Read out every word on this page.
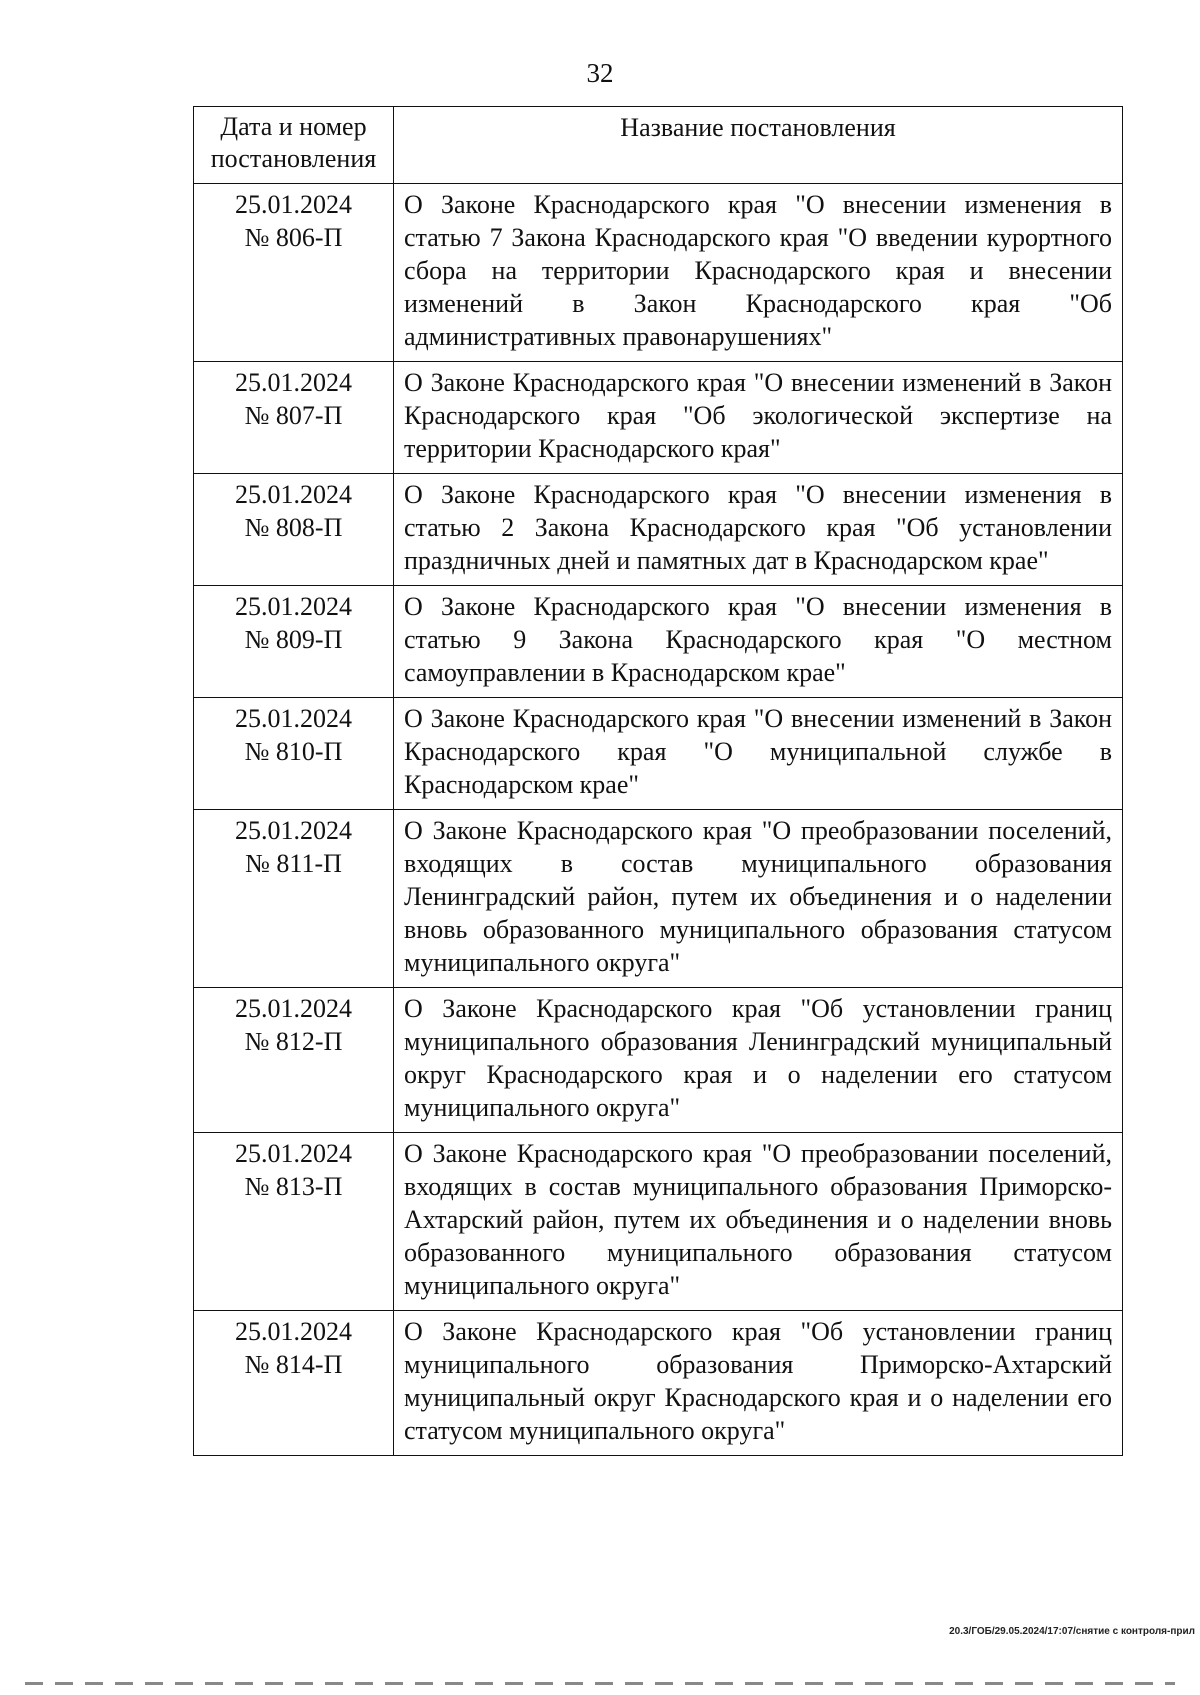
32
Дата и номер постановления	Название постановления

25.01.2024
№ 806-П	О Законе Краснодарского края "О внесении изменения в статью 7 Закона Краснодарского края "О введении курортного сбора на территории Краснодарского края и внесении изменений в Закон Краснодарского края "Об административных правонарушениях"

25.01.2024
№ 807-П	О Законе Краснодарского края "О внесении изменений в Закон Краснодарского края "Об экологической экспертизе на территории Краснодарского края"

25.01.2024
№ 808-П	О Законе Краснодарского края "О внесении изменения в статью 2 Закона Краснодарского края "Об установлении праздничных дней и памятных дат в Краснодарском крае"

25.01.2024
№ 809-П	О Законе Краснодарского края "О внесении изменения в статью 9 Закона Краснодарского края "О местном самоуправлении в Краснодарском крае"

25.01.2024
№ 810-П	О Законе Краснодарского края "О внесении изменений в Закон Краснодарского края "О муниципальной службе в Краснодарском крае"

25.01.2024
№ 811-П	О Законе Краснодарского края "О преобразовании поселений, входящих в состав муниципального образования Ленинградский район, путем их объединения и о наделении вновь образованного муниципального образования статусом муниципального округа"

25.01.2024
№ 812-П	О Законе Краснодарского края "Об установлении границ муниципального образования Ленинградский муниципальный округ Краснодарского края и о наделении его статусом муниципального округа"

25.01.2024
№ 813-П	О Законе Краснодарского края "О преобразовании поселений, входящих в состав муниципального образования Приморско-Ахтарский район, путем их объединения и о наделении вновь образованного муниципального образования статусом муниципального округа"

25.01.2024
№ 814-П	О Законе Краснодарского края "Об установлении границ муниципального образования Приморско-Ахтарский муниципальный округ Краснодарского края и о наделении его статусом муниципального округа"
20.3/ГОБ/29.05.2024/17:07/снятие с контроля-прил
